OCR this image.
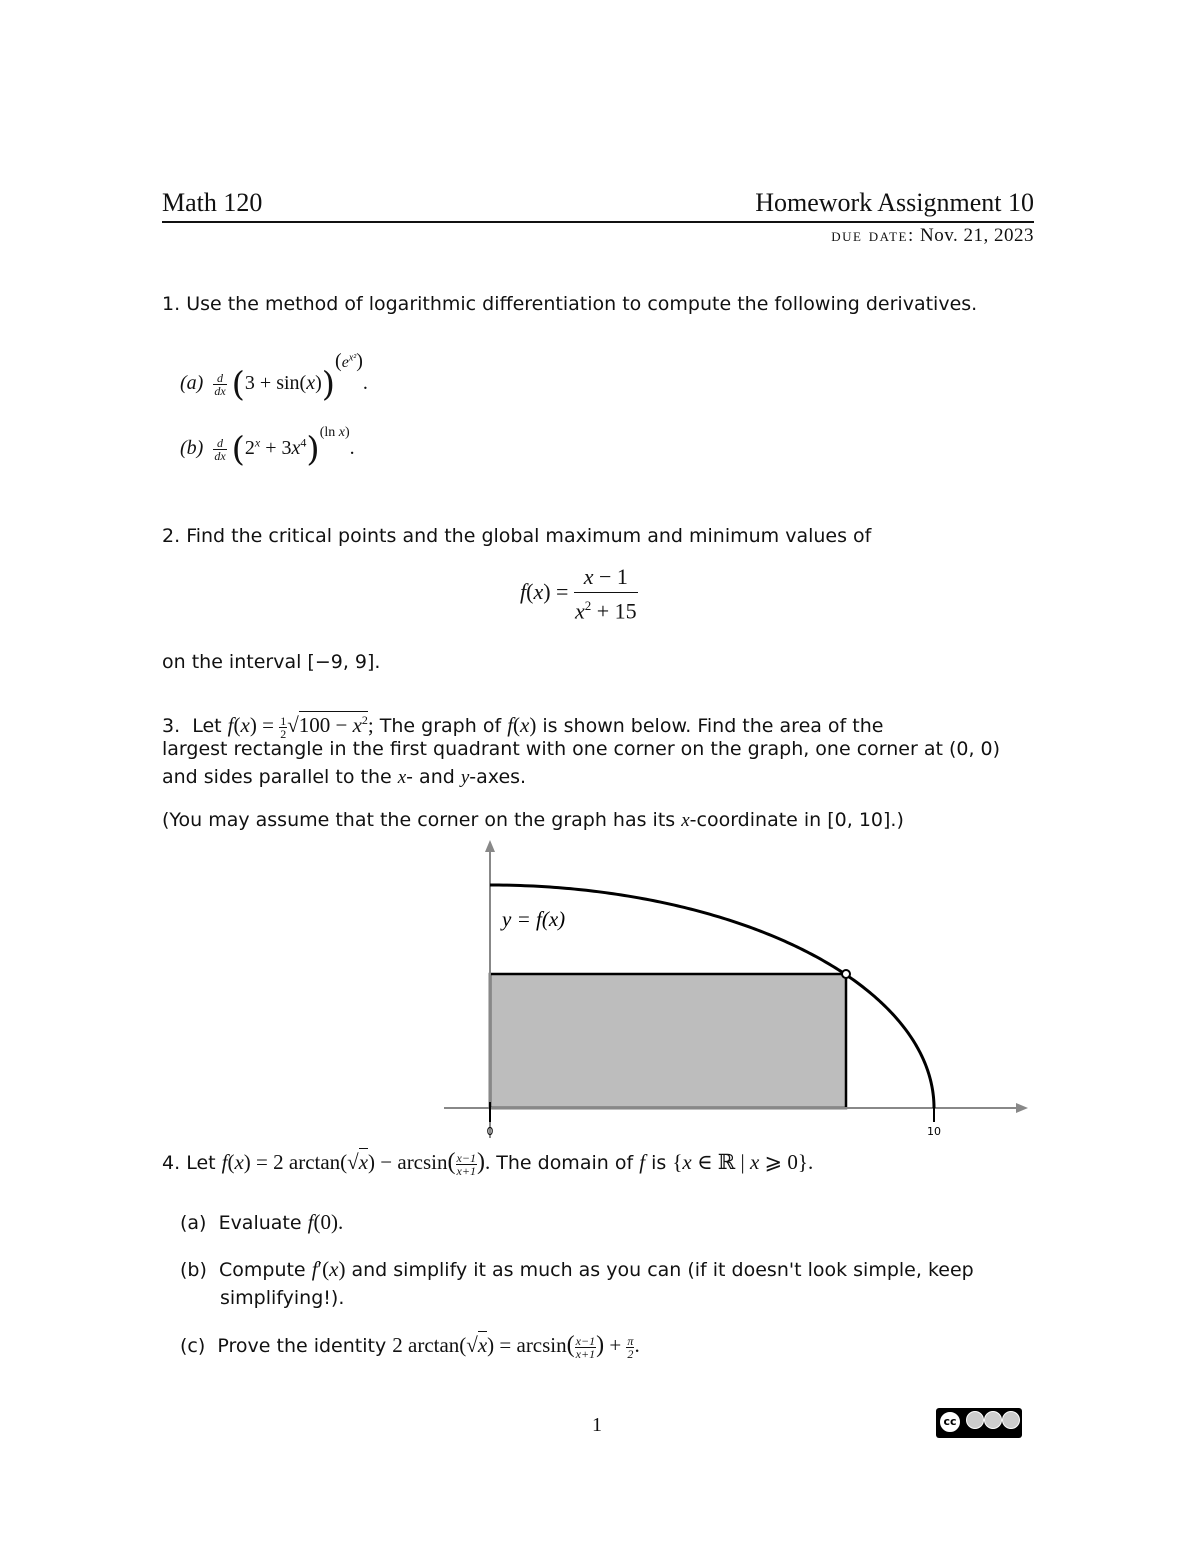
Math 120	Homework Assignment 10
due date: Nov. 21, 2023
1. Use the method of logarithmic differentiation to compute the following derivatives.
$(a) \frac{d}{dx} (3 + \sin(x))^{(e^{x^2})}$.
$(b) \frac{d}{dx} (2^x + 3x^4)^{(ln x)}$.
2. Find the critical points and the global maximum and minimum values of
$f(x) = \frac{x - 1}{x^2 + 15}$
on the interval [−9, 9].
3. Let $f(x) = \frac{1}{2} √100 - x^2$; The graph of f(x) is shown below. Find the area of the
largest rectangle in the first quadrant with one corner on the graph, one corner at (0, 0)
and sides parallel to the x- and y-axes.
(You may assume that the corner on the graph has its x-coordinate in [0, 10].)
0	10
y = f(x)
4. Let f(x) = 2 $\arctan(√x) - \arcsin( \frac{x-1}{x+1}$ ). The domain of f is {x ∈ ℝ | x ⩾ 0}.
(a) Evaluate f(0).
(b) Compute f′(x) and simplify it as much as you can (if it doesn't look simple, keep
simplifying!).
(c) Prove the identity 2 $\arctan(√x) = \arcsin( \frac{x-1}{x+1}$ ) + $\frac{\pi}{2}$ .
1	cc
